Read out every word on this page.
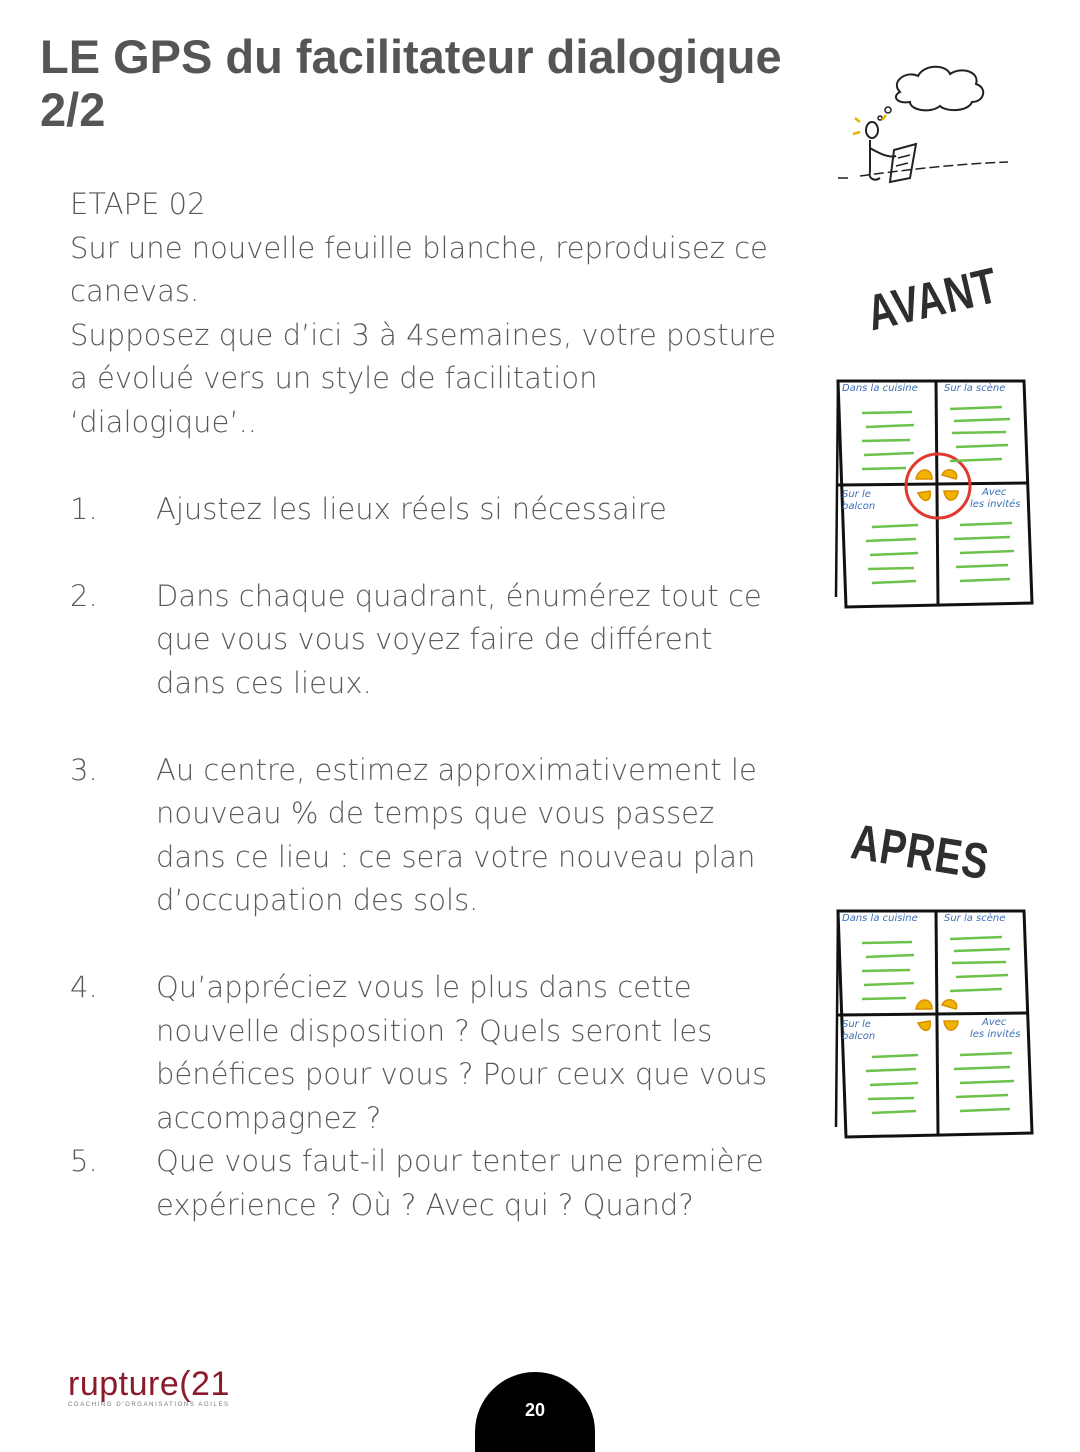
LE GPS du facilitateur dialogique 2/2

ETAPE 02

Sur une nouvelle feuille blanche, reproduisez ce canevas.

Supposez que d’ici 3 à 4semaines, votre posture a évolué vers un style de facilitation ‘dialogique’..

1.	Ajustez les lieux réels si nécessaire
2.	Dans chaque quadrant, énumérez tout ce que vous vous voyez faire de différent dans ces lieux.
3.	Au centre, estimez approximativement le nouveau % de temps que vous passez dans ce lieu : ce sera votre nouveau plan d’occupation des sols.
4.	Qu’appréciez vous le plus dans cette nouvelle disposition ? Quels seront les bénéfices pour vous ? Pour ceux que vous accompagnez ?
5.	Que vous faut-il pour tenter une première expérience ? Où ? Avec qui ? Quand?
AVANT
APRES
Dans la cuisine	Sur la scène
Sur le
balcon
Avec
les invités
Dans la cuisine	Sur la scène
Sur le
balcon
Avec
les invités
rupture(21
COACHING D'ORGANISATIONS AGILES	20
